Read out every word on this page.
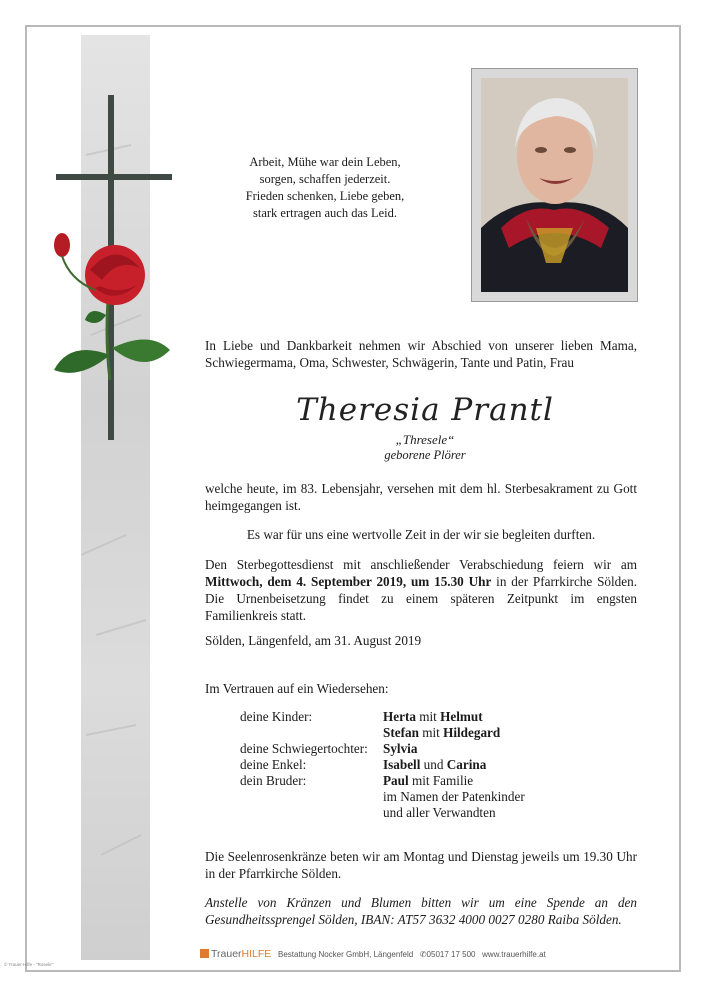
Arbeit, Mühe war dein Leben,
sorgen, schaffen jederzeit.
Frieden schenken, Liebe geben,
stark ertragen auch das Leid.
In Liebe und Dankbarkeit nehmen wir Abschied von unserer lieben Mama, Schwiegermama, Oma, Schwester, Schwägerin, Tante und Patin, Frau
Theresia Prantl
„Thresele“
geborene Plörer
welche heute, im 83. Lebensjahr, versehen mit dem hl. Sterbesakrament zu Gott heimgegangen ist.
Es war für uns eine wertvolle Zeit in der wir sie begleiten durften.
Den Sterbegottesdienst mit anschließender Verabschiedung feiern wir am Mittwoch, dem 4. September 2019, um 15.30 Uhr in der Pfarrkirche Sölden. Die Urnenbeisetzung findet zu einem späteren Zeitpunkt im engsten Familienkreis statt.
Sölden, Längenfeld, am 31. August 2019
Im Vertrauen auf ein Wiedersehen:
deine Kinder:	Herta mit Helmut
Stefan mit Hildegard
deine Schwiegertochter:	Sylvia
deine Enkel:	Isabell und Carina
dein Bruder:	Paul mit Familie
im Namen der Patenkinder
und aller Verwandten
Die Seelenrosenkränze beten wir am Montag und Dienstag jeweils um 19.30 Uhr in der Pfarrkirche Sölden.
Anstelle von Kränzen und Blumen bitten wir um eine Spende an den Gesundheitssprengel Sölden, IBAN: AT57 3632 4000 0027 0280 Raiba Sölden.
TrauerHILFE Bestattung Nocker GmbH, Längenfeld ✆05017 17 500 www.trauerhilfe.at
© Trauer-Hilfe - "Rosekr"
